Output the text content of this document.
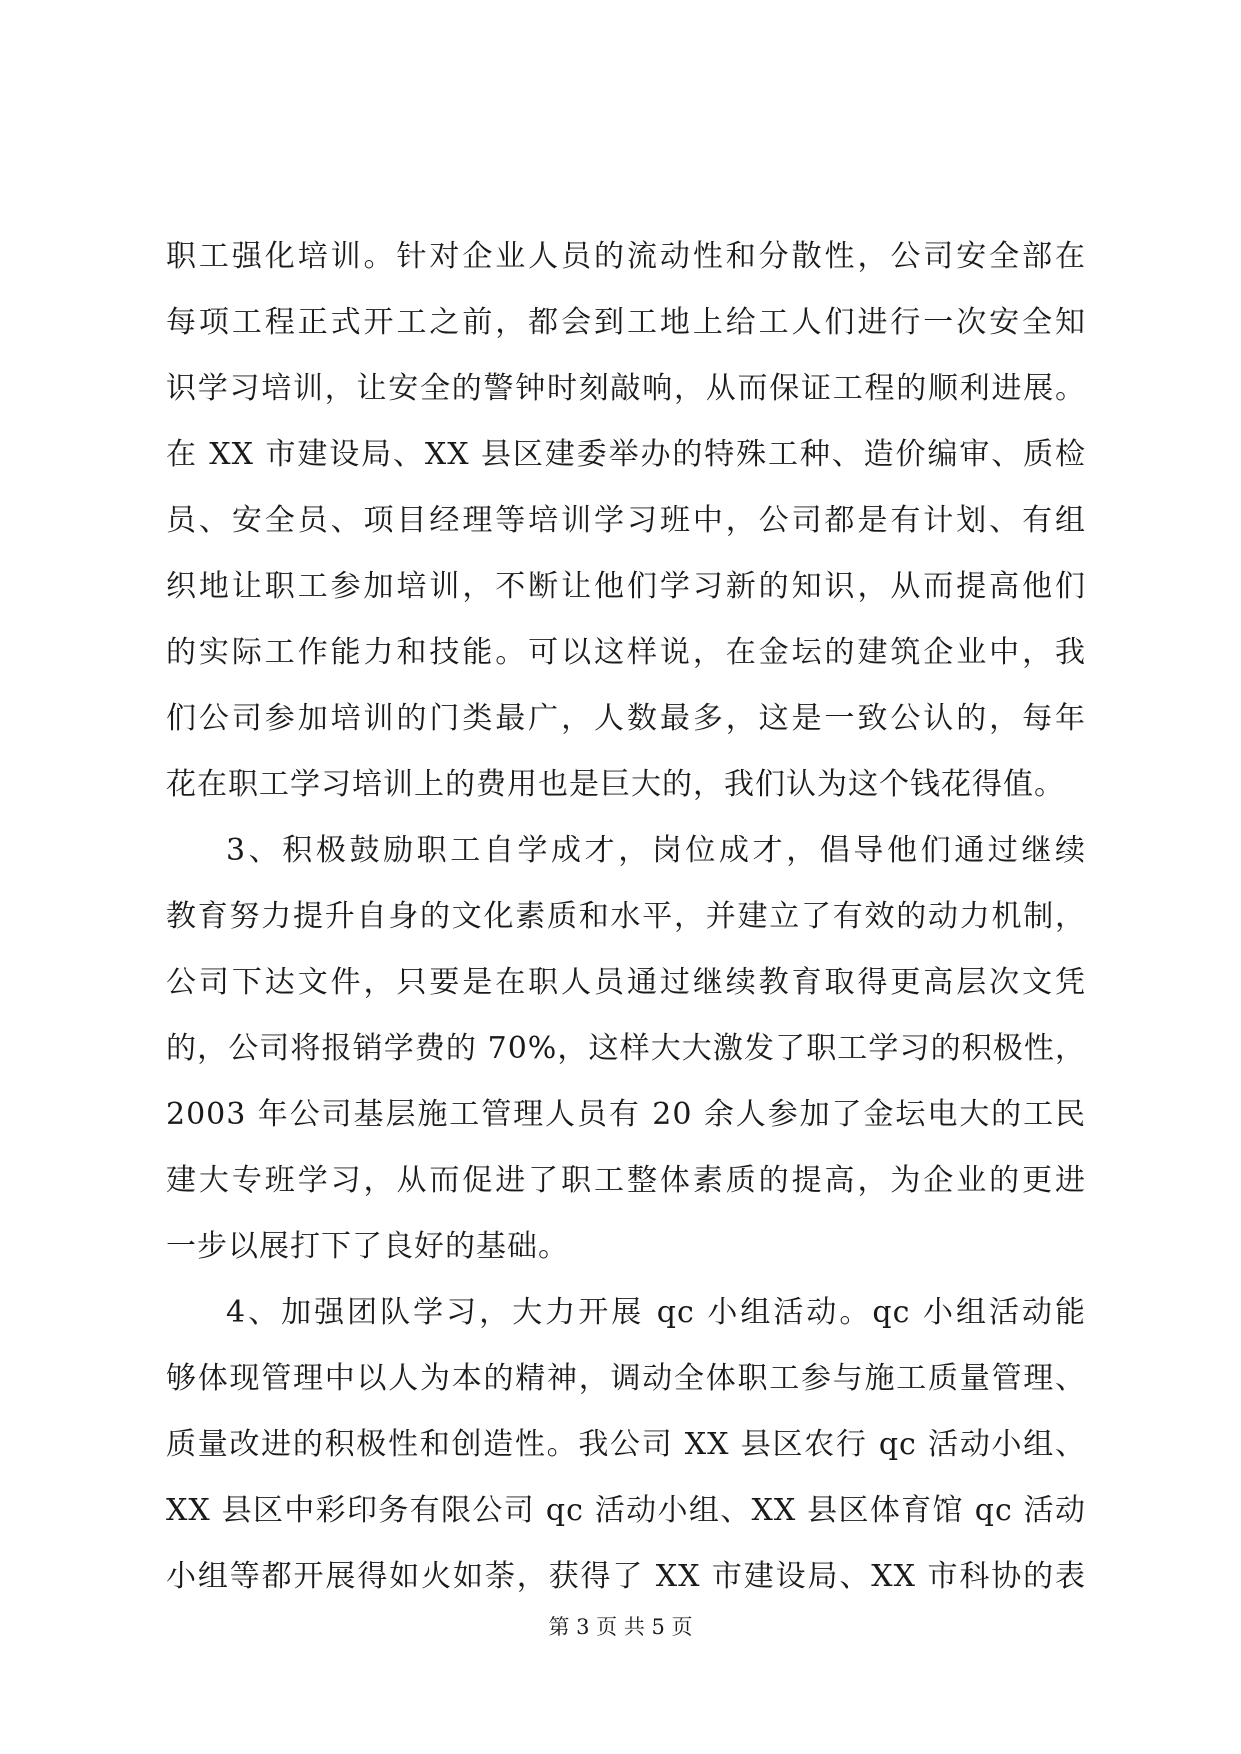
职工强化培训。针对企业人员的流动性和分散性，公司安全部在
每项工程正式开工之前，都会到工地上给工人们进行一次安全知
识学习培训，让安全的警钟时刻敲响，从而保证工程的顺利进展。
在 XX 市建设局、XX 县区建委举办的特殊工种、造价编审、质检
员、安全员、项目经理等培训学习班中，公司都是有计划、有组
织地让职工参加培训，不断让他们学习新的知识，从而提高他们
的实际工作能力和技能。可以这样说，在金坛的建筑企业中，我
们公司参加培训的门类最广，人数最多，这是一致公认的，每年
花在职工学习培训上的费用也是巨大的，我们认为这个钱花得值。
3、积极鼓励职工自学成才，岗位成才，倡导他们通过继续
教育努力提升自身的文化素质和水平，并建立了有效的动力机制，
公司下达文件，只要是在职人员通过继续教育取得更高层次文凭
的，公司将报销学费的 70%，这样大大激发了职工学习的积极性，
2003 年公司基层施工管理人员有 20 余人参加了金坛电大的工民
建大专班学习，从而促进了职工整体素质的提高，为企业的更进
一步以展打下了良好的基础。
4、加强团队学习，大力开展 qc 小组活动。qc 小组活动能
够体现管理中以人为本的精神，调动全体职工参与施工质量管理、
质量改进的积极性和创造性。我公司 XX 县区农行 qc 活动小组、
XX 县区中彩印务有限公司 qc 活动小组、XX 县区体育馆 qc 活动
小组等都开展得如火如荼，获得了 XX 市建设局、XX 市科协的表
第 3 页 共 5 页
